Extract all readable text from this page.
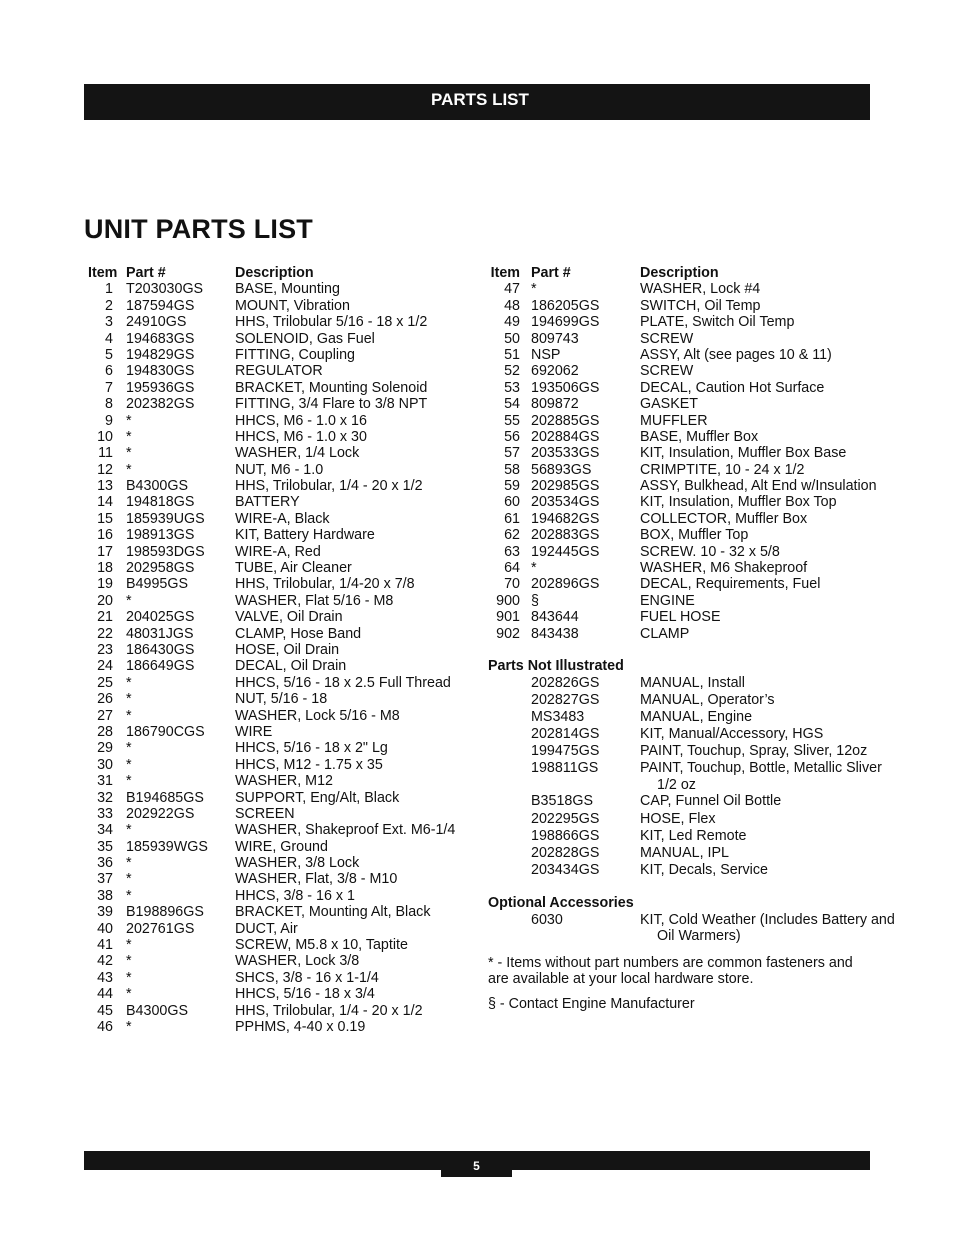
PARTS LIST
UNIT PARTS LIST
Item Part #	Description
1 T203030GS BASE, Mounting
2 187594GS	MOUNT, Vibration
3 24910GS	HHS, Trilobular 5/16 - 18 x 1/2
4 194683GS	SOLENOID, Gas Fuel
5 194829GS	FITTING, Coupling
6 194830GS	REGULATOR
7 195936GS	BRACKET, Mounting Solenoid
8 202382GS	FITTING, 3/4 Flare to 3/8 NPT
9 *	HHCS, M6 - 1.0 x 16
10 *	HHCS, M6 - 1.0 x 30
11 *	WASHER, 1/4 Lock
12 *	NUT, M6 - 1.0
13 B4300GS	HHS, Trilobular, 1/4 - 20 x 1/2
14 194818GS	BATTERY
15 185939UGS WIRE-A, Black
16 198913GS	KIT, Battery Hardware
17 198593DGS WIRE-A, Red
18 202958GS	TUBE, Air Cleaner
19 B4995GS	HHS, Trilobular, 1/4-20 x 7/8
20 *	WASHER, Flat 5/16 - M8
21 204025GS	VALVE, Oil Drain
22 48031JGS	CLAMP, Hose Band
23 186430GS	HOSE, Oil Drain
24 186649GS	DECAL, Oil Drain
25 *	HHCS, 5/16 - 18 x 2.5 Full Thread
26 *	NUT, 5/16 - 18
27 *	WASHER, Lock 5/16 - M8
28 186790CGS WIRE
29 *	HHCS, 5/16 - 18 x 2" Lg
30 *	HHCS, M12 - 1.75 x 35
31 *	WASHER, M12
32 B194685GS SUPPORT, Eng/Alt, Black
33 202922GS	SCREEN
34 *	WASHER, Shakeproof Ext. M6-1/4
35 185939WGS WIRE, Ground
36 *	WASHER, 3/8 Lock
37 *	WASHER, Flat, 3/8 - M10
38 *	HHCS, 3/8 - 16 x 1
39 B198896GS BRACKET, Mounting Alt, Black
40 202761GS	DUCT, Air
41 *	SCREW, M5.8 x 10, Taptite
42 *	WASHER, Lock 3/8
43 *	SHCS, 3/8 - 16 x 1-1/4
44 *	HHCS, 5/16 - 18 x 3/4
45 B4300GS	HHS, Trilobular, 1/4 - 20 x 1/2
46 *	PPHMS, 4-40 x 0.19
Item Part #	Description
47 *	WASHER, Lock #4
48 186205GS	SWITCH, Oil Temp
49 194699GS	PLATE, Switch Oil Temp
50 809743	SCREW
51 NSP	ASSY, Alt (see pages 10 & 11)
52 692062	SCREW
53 193506GS	DECAL, Caution Hot Surface
54 809872	GASKET
55 202885GS	MUFFLER
56 202884GS	BASE, Muffler Box
57 203533GS	KIT, Insulation, Muffler Box Base
58 56893GS	CRIMPTITE, 10 - 24 x 1/2
59 202985GS	ASSY, Bulkhead, Alt End w/Insulation
60 203534GS	KIT, Insulation, Muffler Box Top
61 194682GS	COLLECTOR, Muffler Box
62 202883GS	BOX, Muffler Top
63 192445GS	SCREW. 10 - 32 x 5/8
64 *	WASHER, M6 Shakeproof
70 202896GS	DECAL, Requirements, Fuel
900 §	ENGINE
901 843644	FUEL HOSE
902 843438	CLAMP
Parts Not Illustrated
202826GS	MANUAL, Install
202827GS	MANUAL, Operator’s
MS3483	MANUAL, Engine
202814GS	KIT, Manual/Accessory, HGS
199475GS	PAINT, Touchup, Spray, Sliver, 12oz
198811GS	PAINT, Touchup, Bottle, Metallic Sliver 1/2 oz
B3518GS	CAP, Funnel Oil Bottle
202295GS	HOSE, Flex
198866GS	KIT, Led Remote
202828GS	MANUAL, IPL
203434GS	KIT, Decals, Service
Optional Accessories
6030	KIT, Cold Weather (Includes Battery and Oil Warmers)
* - Items without part numbers are common fasteners and are available at your local hardware store.
§ - Contact Engine Manufacturer
5
